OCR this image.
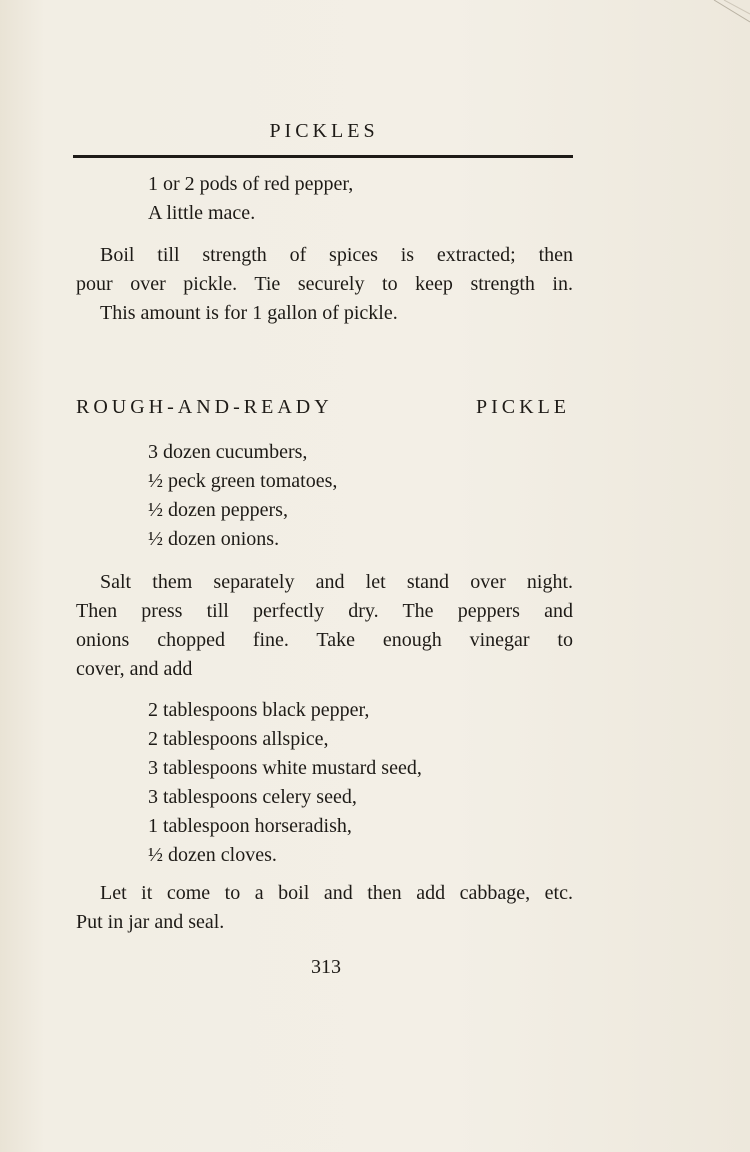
PICKLES
1 or 2 pods of red pepper,
A little mace.
Boil till strength of spices is extracted; then
pour over pickle. Tie securely to keep strength in.
This amount is for 1 gallon of pickle.
ROUGH-AND-READY	PICKLE
3 dozen cucumbers,
½ peck green tomatoes,
½ dozen peppers,
½ dozen onions.
Salt them separately and let stand over night.
Then press till perfectly dry. The peppers and
onions chopped fine. Take enough vinegar to
cover, and add
2 tablespoons black pepper,
2 tablespoons allspice,
3 tablespoons white mustard seed,
3 tablespoons celery seed,
1 tablespoon horseradish,
½ dozen cloves.
Let it come to a boil and then add cabbage, etc.
Put in jar and seal.
313
